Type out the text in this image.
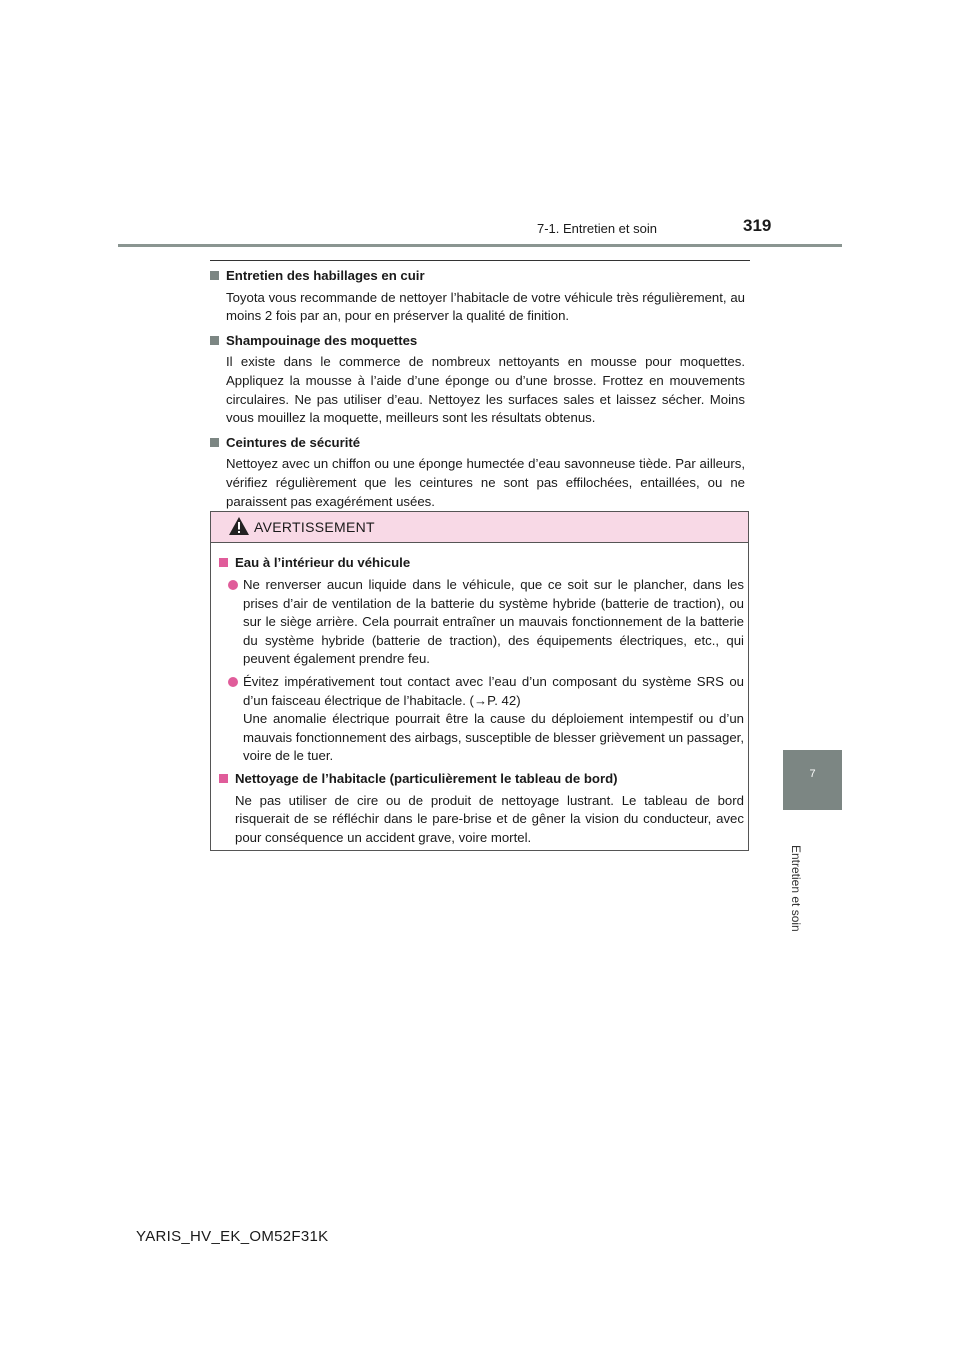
7-1. Entretien et soin	319
7
Entretien et soin

Entretien des habillages en cuir

Toyota vous recommande de nettoyer l’habitacle de votre véhicule très régulièrement, au moins 2 fois par an, pour en préserver la qualité de finition.

Shampouinage des moquettes

Il existe dans le commerce de nombreux nettoyants en mousse pour moquettes. Appliquez la mousse à l’aide d’une éponge ou d’une brosse. Frottez en mouvements circulaires. Ne pas utiliser d’eau. Nettoyez les surfaces sales et laissez sécher. Moins vous mouillez la moquette, meilleurs sont les résultats obtenus.

Ceintures de sécurité

Nettoyez avec un chiffon ou une éponge humectée d’eau savonneuse tiède. Par ailleurs, vérifiez régulièrement que les ceintures ne sont pas effilochées, entaillées, ou ne paraissent pas exagérément usées.
AVERTISSEMENT

Eau à l’intérieur du véhicule

Ne renverser aucun liquide dans le véhicule, que ce soit sur le plancher, dans les prises d’air de ventilation de la batterie du système hybride (batterie de traction), ou sur le siège arrière. Cela pourrait entraîner un mauvais fonctionnement de la batterie du système hybride (batterie de traction), des équipements électriques, etc., qui peuvent également prendre feu.

Évitez impérativement tout contact avec l’eau d’un composant du système SRS ou d’un faisceau électrique de l’habitacle. (→P. 42)

Une anomalie électrique pourrait être la cause du déploiement intempestif ou d’un mauvais fonctionnement des airbags, susceptible de blesser grièvement un passager, voire de le tuer.

Nettoyage de l’habitacle (particulièrement le tableau de bord)

Ne pas utiliser de cire ou de produit de nettoyage lustrant. Le tableau de bord risquerait de se réfléchir dans le pare-brise et de gêner la vision du conducteur, avec pour conséquence un accident grave, voire mortel.
YARIS_HV_EK_OM52F31K
